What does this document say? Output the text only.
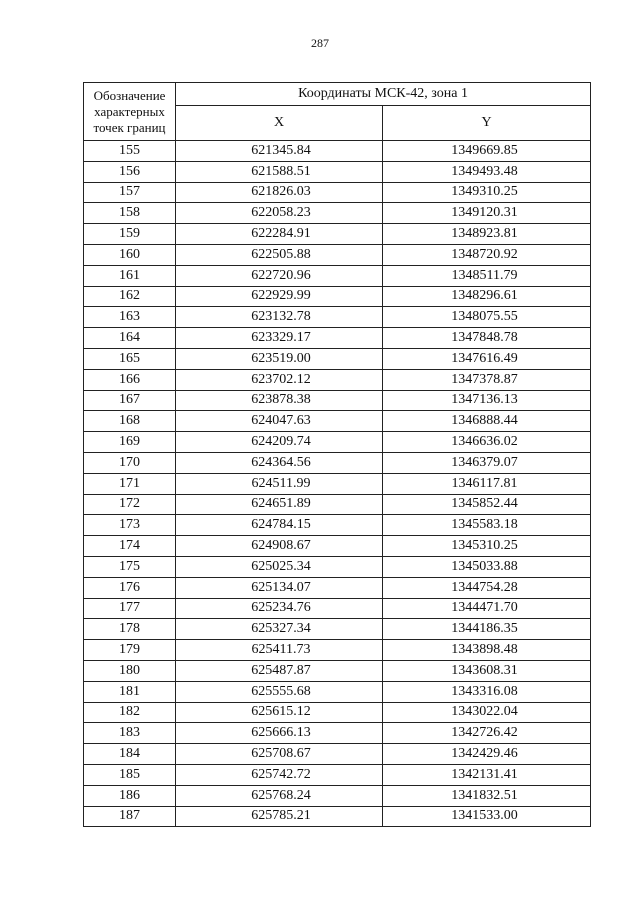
287
Обозначение
характерных
точек границ	Координаты МСК-42, зона 1	
	X	Y
155	621345.84	1349669.85
156	621588.51	1349493.48
157	621826.03	1349310.25
158	622058.23	1349120.31
159	622284.91	1348923.81
160	622505.88	1348720.92
161	622720.96	1348511.79
162	622929.99	1348296.61
163	623132.78	1348075.55
164	623329.17	1347848.78
165	623519.00	1347616.49
166	623702.12	1347378.87
167	623878.38	1347136.13
168	624047.63	1346888.44
169	624209.74	1346636.02
170	624364.56	1346379.07
171	624511.99	1346117.81
172	624651.89	1345852.44
173	624784.15	1345583.18
174	624908.67	1345310.25
175	625025.34	1345033.88
176	625134.07	1344754.28
177	625234.76	1344471.70
178	625327.34	1344186.35
179	625411.73	1343898.48
180	625487.87	1343608.31
181	625555.68	1343316.08
182	625615.12	1343022.04
183	625666.13	1342726.42
184	625708.67	1342429.46
185	625742.72	1342131.41
186	625768.24	1341832.51
187	625785.21	1341533.00
